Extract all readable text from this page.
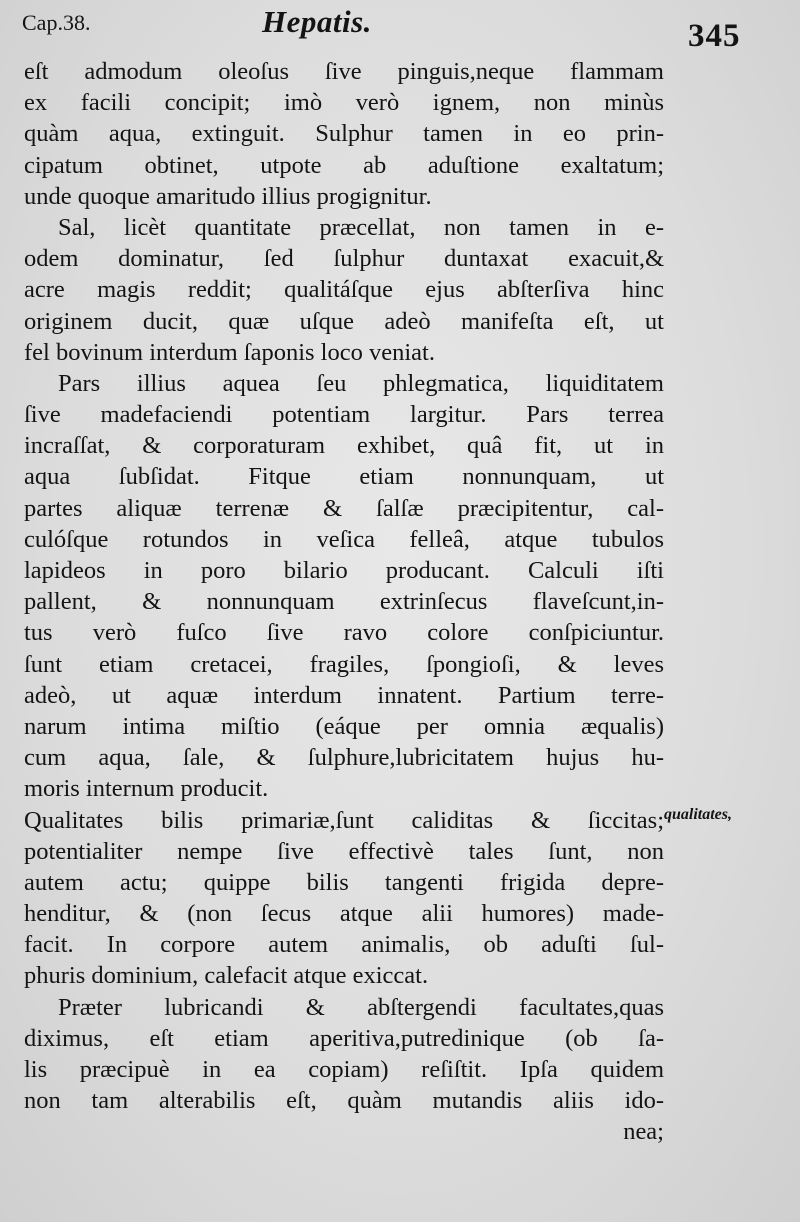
Cap.38.	Hepatis.	345
eſt admodum oleoſus ſive pinguis,neque flammam
ex facili concipit; imò verò ignem, non minùs
quàm aqua, extinguit. Sulphur tamen in eo prin-
cipatum obtinet, utpote ab aduſtione exaltatum;
unde quoque amaritudo illius progignitur.
Sal, licèt quantitate præcellat, non tamen in e-
odem dominatur, ſed ſulphur duntaxat exacuit,&
acre magis reddit; qualitáſque ejus abſterſiva hinc
originem ducit, quæ uſque adeò manifeſta eſt, ut
fel bovinum interdum ſaponis loco veniat.
Pars illius aquea ſeu phlegmatica, liquiditatem
ſive madefaciendi potentiam largitur. Pars terrea
incraſſat, & corporaturam exhibet, quâ fit, ut in
aqua ſubſidat. Fitque etiam nonnunquam, ut
partes aliquæ terrenæ & ſalſæ præcipitentur, cal-
culóſque rotundos in veſica felleâ, atque tubulos
lapideos in poro bilario producant. Calculi iſti
pallent, & nonnunquam extrinſecus flaveſcunt,in-
tus verò fuſco ſive ravo colore conſpiciuntur.
ſunt etiam cretacei, fragiles, ſpongioſi, & leves
adeò, ut aquæ interdum innatent. Partium terre-
narum intima miſtio (eáque per omnia æqualis)
cum aqua, ſale, & ſulphure,lubricitatem hujus hu-
moris internum producit.
Qualitates bilis primariæ,ſunt caliditas & ſiccitas;
potentialiter nempe ſive effectivè tales ſunt, non
autem actu; quippe bilis tangenti frigida depre-
henditur, & (non ſecus atque alii humores) made-
facit. In corpore autem animalis, ob aduſti ſul-
phuris dominium, calefacit atque exiccat.
Præter lubricandi & abſtergendi facultates,quas
diximus, eſt etiam aperitiva,putredinique (ob ſa-
lis præcipuè in ea copiam) reſiſtit. Ipſa quidem
non tam alterabilis eſt, quàm mutandis aliis ido-
nea;
qualitates,
